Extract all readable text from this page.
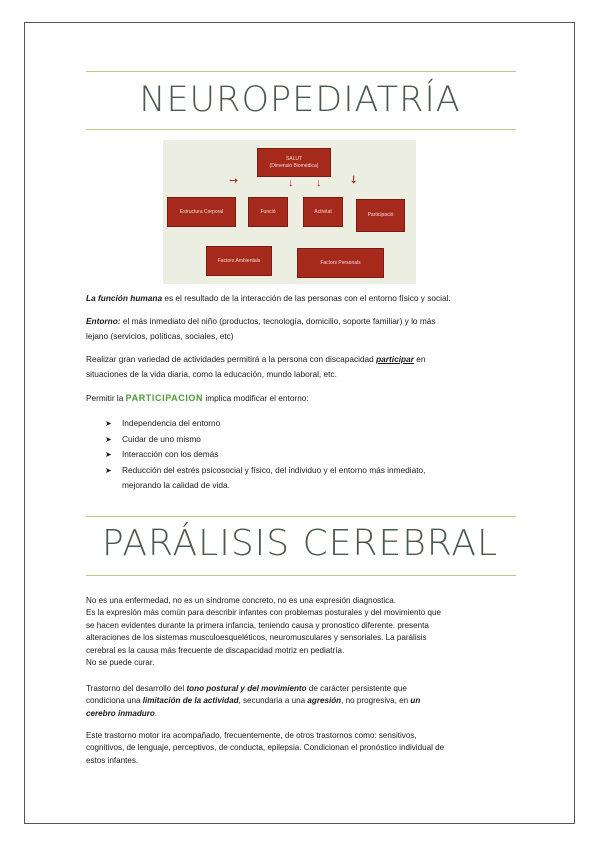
NEUROPEDIATRÍA
SALUT
(Dimensió Biomèdica)
➘	↓ ↓ ➘
Estructura Corporal	Funció	Activitat
Participació
Factors Ambientals	Factors Personals
La función humana es el resultado de la interacción de las personas con el entorno físico y social.
Entorno: el más inmediato del niño (productos, tecnología, domicilio, soporte familiar) y lo más
lejano (servicios, políticas, sociales, etc)
Realizar gran variedad de actividades permitirá a la persona con discapacidad participar en
situaciones de la vida diaria, como la educación, mundo laboral, etc.
Permitir la PARTICIPACION implica modificar el entorno:
➤ Independencia del entorno
➤ Cuidar de uno mismo
➤ Interacción con los demás
➤ Reducción del estrés psicosocial y físico, del individuo y el entorno más inmediato,
mejorando la calidad de vida.
PARÁLISIS CEREBRAL
No es una enfermedad, no es un síndrome concreto, no es una expresión diagnostica.
Es la expresión más común para describir infantes con problemas posturales y del movimiento que
se hacen evidentes durante la primera infancia, teniendo causa y pronostico diferente. presenta
alteraciones de los sistemas musculoesqueléticos, neuromusculares y sensoriales. La parálisis
cerebral es la causa más frecuente de discapacidad motriz en pediatría.
No se puede curar.
Trastorno del desarrollo del tono postural y del movimiento de carácter persistente que
condiciona una limitación de la actividad, secundaria a una agresión, no progresiva, en un
cerebro inmaduro.
Este trastorno motor ira acompañado, frecuentemente, de otros trastornos como: sensitivos,
cognitivos, de lenguaje, perceptivos, de conducta, epilepsia. Condicionan el pronóstico individual de
estos infantes.
